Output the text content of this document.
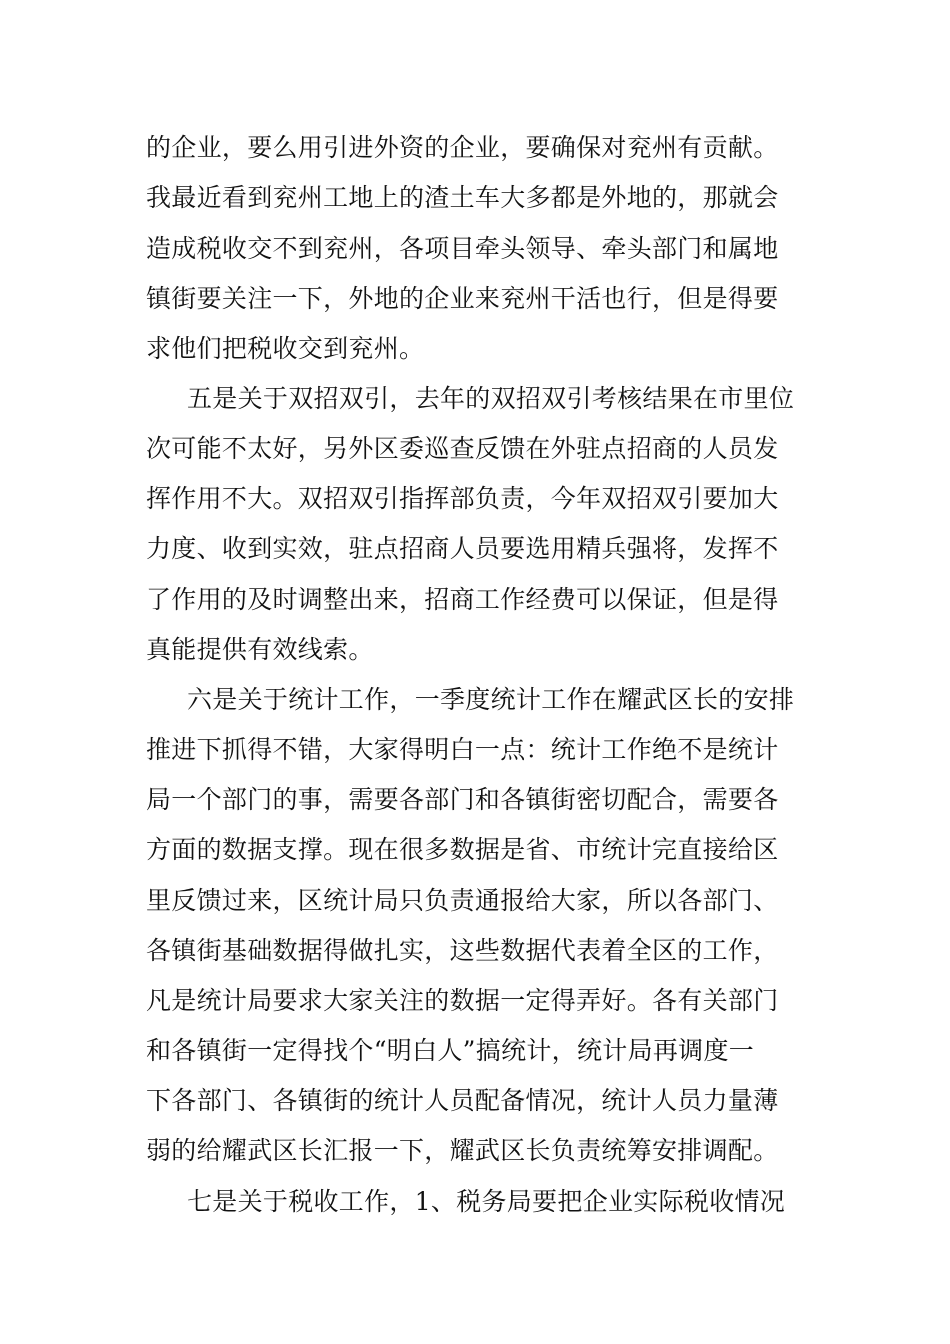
的企业，要么用引进外资的企业，要确保对兖州有贡献。
我最近看到兖州工地上的渣土车大多都是外地的，那就会
造成税收交不到兖州，各项目牵头领导、牵头部门和属地
镇街要关注一下，外地的企业来兖州干活也行，但是得要
求他们把税收交到兖州。
五是关于双招双引，去年的双招双引考核结果在市里位
次可能不太好，另外区委巡查反馈在外驻点招商的人员发
挥作用不大。双招双引指挥部负责，今年双招双引要加大
力度、收到实效，驻点招商人员要选用精兵强将，发挥不
了作用的及时调整出来，招商工作经费可以保证，但是得
真能提供有效线索。
六是关于统计工作，一季度统计工作在耀武区长的安排
推进下抓得不错，大家得明白一点：统计工作绝不是统计
局一个部门的事，需要各部门和各镇街密切配合，需要各
方面的数据支撑。现在很多数据是省、市统计完直接给区
里反馈过来，区统计局只负责通报给大家，所以各部门、
各镇街基础数据得做扎实，这些数据代表着全区的工作，
凡是统计局要求大家关注的数据一定得弄好。各有关部门
和各镇街一定得找个“明白人”搞统计，统计局再调度一
下各部门、各镇街的统计人员配备情况，统计人员力量薄
弱的给耀武区长汇报一下，耀武区长负责统筹安排调配。
七是关于税收工作，1、税务局要把企业实际税收情况
